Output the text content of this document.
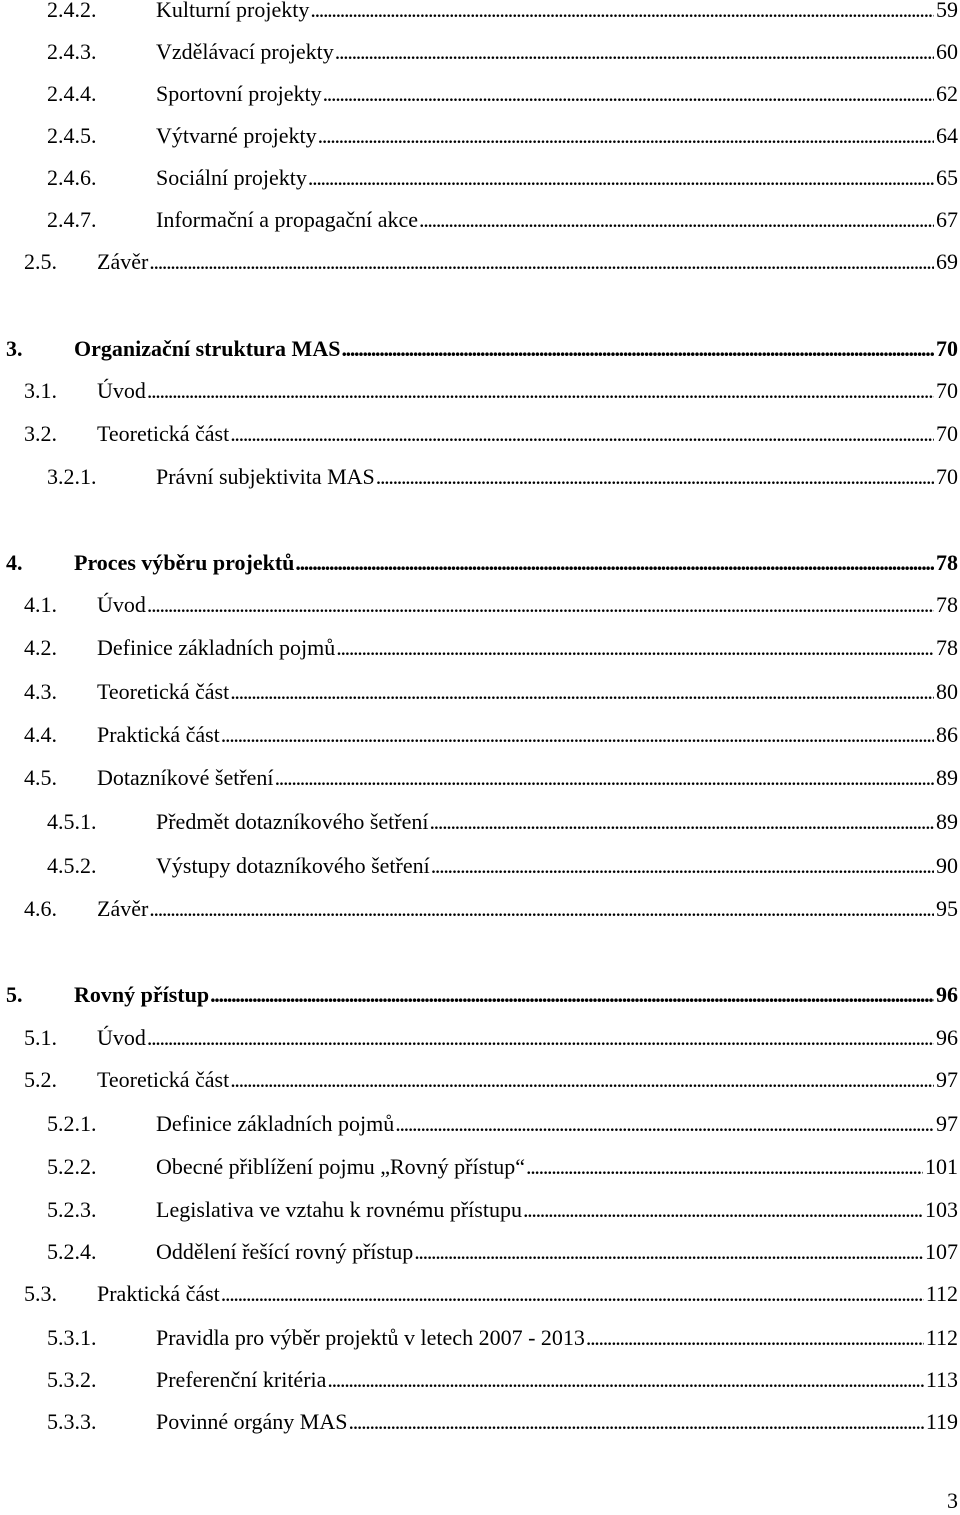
2.4.2.	Kulturní projekty . . .	59
2.4.3.	Vzdělávací projekty . . .	60
2.4.4.	Sportovní projekty . . .	62
2.4.5.	Výtvarné projekty . . .	64
2.4.6.	Sociální projekty . . .	65
2.4.7.	Informační a propagační akce . . .	67
2.5. Závěr . . .	69
3. Organizační struktura MAS . . .	70
3.1. Úvod . . .	70
3.2. Teoretická část . . .	70
3.2.1.	Právní subjektivita MAS . . .	70
4. Proces výběru projektů . . .	78
4.1. Úvod . . .	78
4.2. Definice základních pojmů . . .	78
4.3. Teoretická část . . .	80
4.4. Praktická část . . .	86
4.5. Dotazníkové šetření . . .	89
4.5.1.	Předmět dotazníkového šetření . . .	89
4.5.2.	Výstupy dotazníkového šetření . . .	90
4.6. Závěr . . .	95
5. Rovný přístup . . .	96
5.1. Úvod . . .	96
5.2. Teoretická část . . .	97
5.2.1.	Definice základních pojmů . . .	97
5.2.2.	Obecné přiblížení pojmu „Rovný přístup“ . . .	101
5.2.3.	Legislativa ve vztahu k rovnému přístupu . . .	103
5.2.4.	Oddělení řešící rovný přístup . . .	107
5.3. Praktická část . . .	112
5.3.1.	Pravidla pro výběr projektů v letech 2007 - 2013 . . .	112
5.3.2.	Preferenční kritéria . . .	113
5.3.3.	Povinné orgány MAS . . .	119
3
